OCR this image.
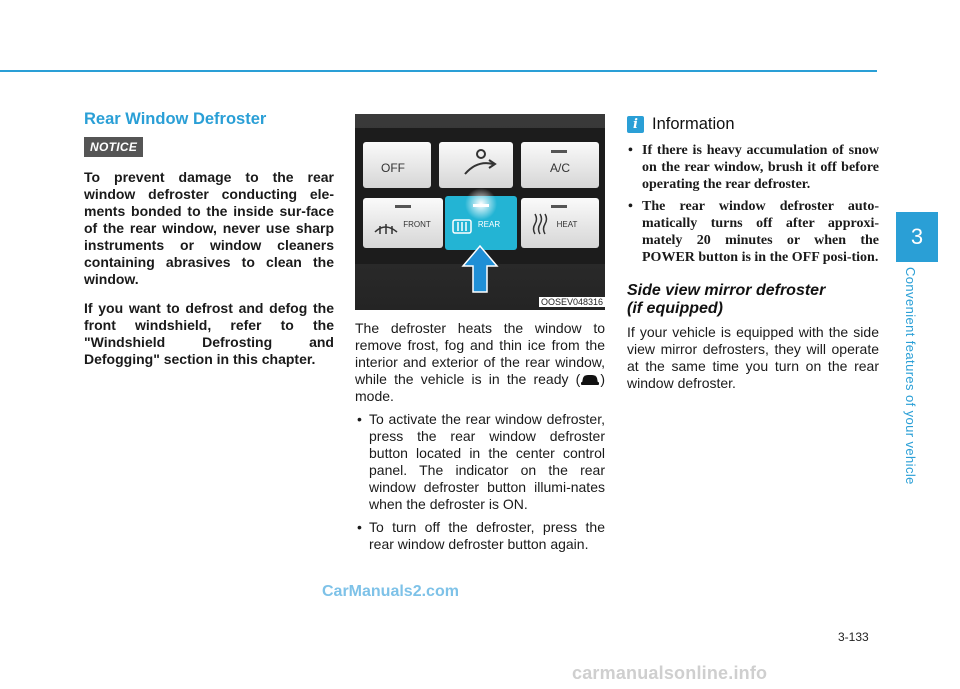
Rear Window Defroster
NOTICE

To prevent damage to the rear window defroster conducting ele-ments bonded to the inside sur-face of the rear window, never use sharp instruments or window cleaners containing abrasives to clean the window.

If you want to defrost and defog the front windshield, refer to the "Windshield Defrosting and Defogging" section in this chapter.

OFF	A/C
FRONT	REAR	HEAT
OOSEV048316

The defroster heats the window to remove frost, fog and thin ice from the interior and exterior of the rear window, while the vehicle is in the ready ( ) mode.

• To activate the rear window defroster, press the rear window defroster button located in the center control panel. The indicator on the rear window defroster button illumi-nates when the defroster is ON.

• To turn off the defroster, press the rear window defroster button again.

i Information

• If there is heavy accumulation of snow on the rear window, brush it off before operating the rear defroster.

• The rear window defroster auto-matically turns off after approxi-mately 20 minutes or when the POWER button is in the OFF posi-tion.

Side view mirror defroster
(if equipped)

If your vehicle is equipped with the side view mirror defrosters, they will operate at the same time you turn on the rear window defroster.

3
Convenient features of your vehicle
3-133
CarManuals2.com
carmanualsonline.info
